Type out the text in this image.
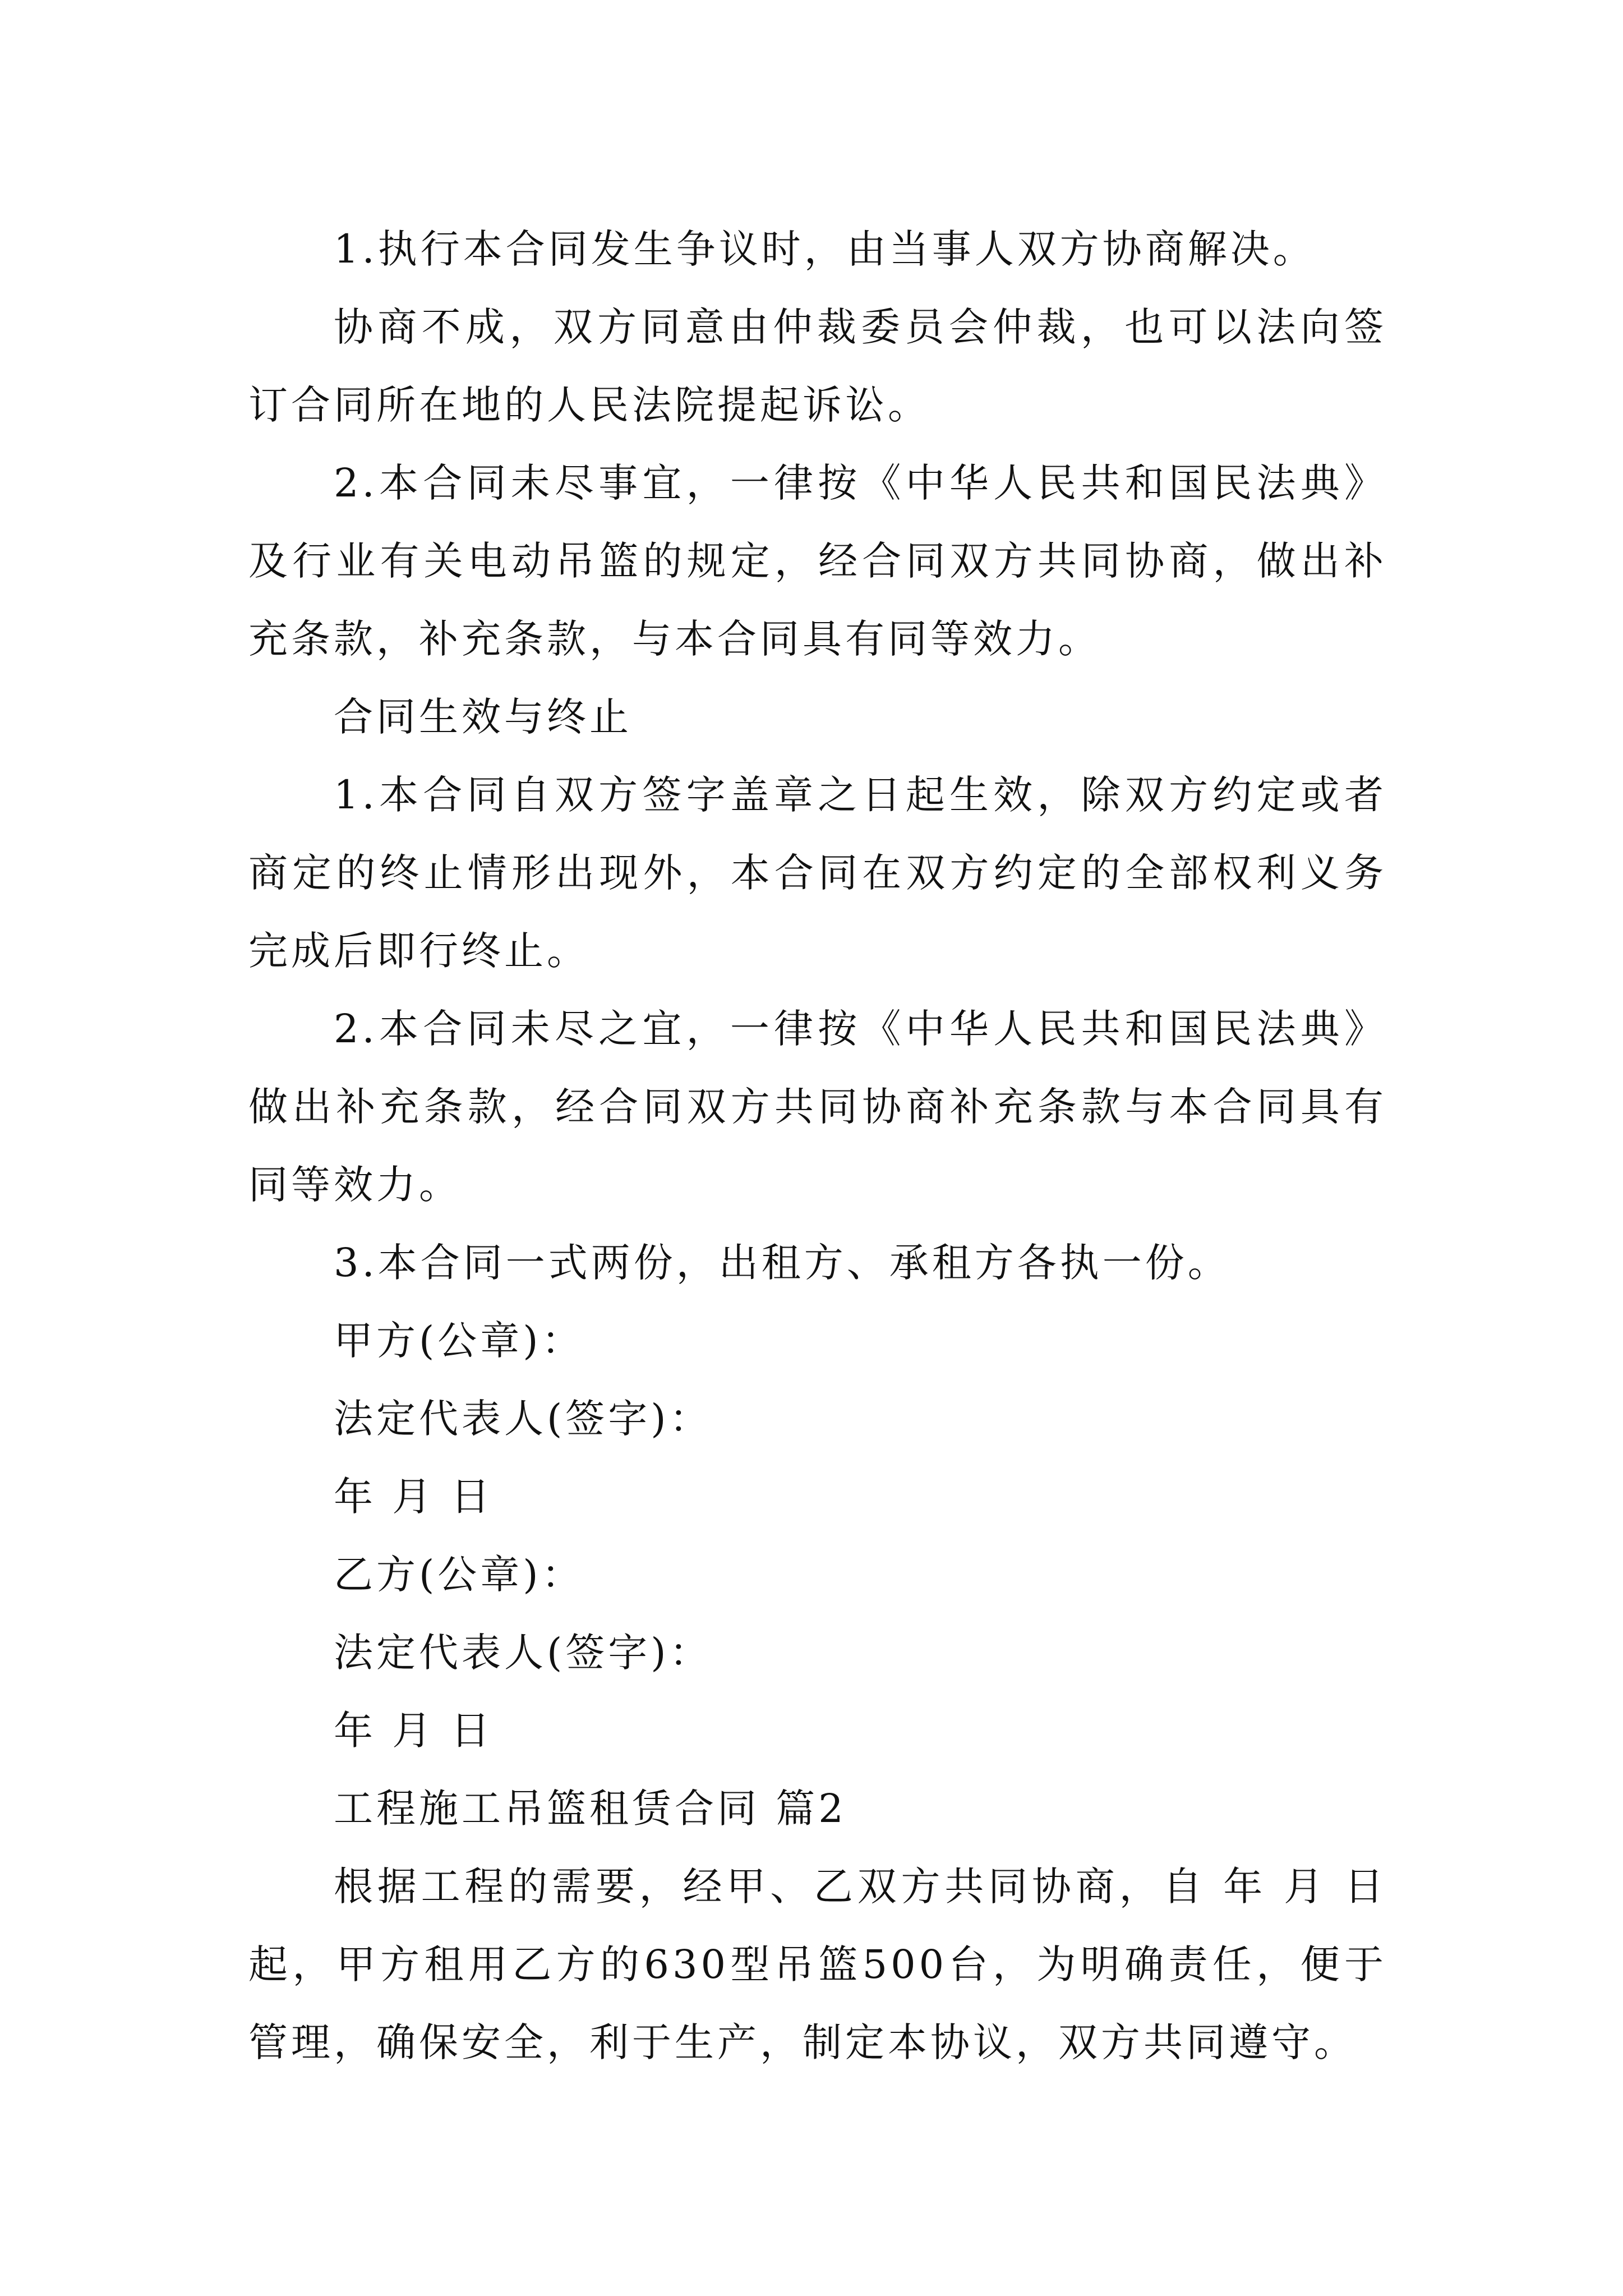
1.执行本合同发生争议时，由当事人双方协商解决。

协商不成，双方同意由仲裁委员会仲裁，也可以法向签订合同所在地的人民法院提起诉讼。

2.本合同未尽事宜，一律按《中华人民共和国民法典》及行业有关电动吊篮的规定，经合同双方共同协商，做出补充条款，补充条款，与本合同具有同等效力。

合同生效与终止

1.本合同自双方签字盖章之日起生效，除双方约定或者商定的终止情形出现外，本合同在双方约定的全部权利义务完成后即行终止。

2.本合同未尽之宜，一律按《中华人民共和国民法典》做出补充条款，经合同双方共同协商补充条款与本合同具有同等效力。

3.本合同一式两份，出租方、承租方各执一份。

甲方(公章)：

法定代表人(签字)：

年 月 日

乙方(公章)：

法定代表人(签字)：

年 月 日

工程施工吊篮租赁合同 篇2

根据工程的需要，经甲、乙双方共同协商，自 年 月 日起，甲方租用乙方的630型吊篮500台，为明确责任，便于管理，确保安全，利于生产，制定本协议，双方共同遵守。
